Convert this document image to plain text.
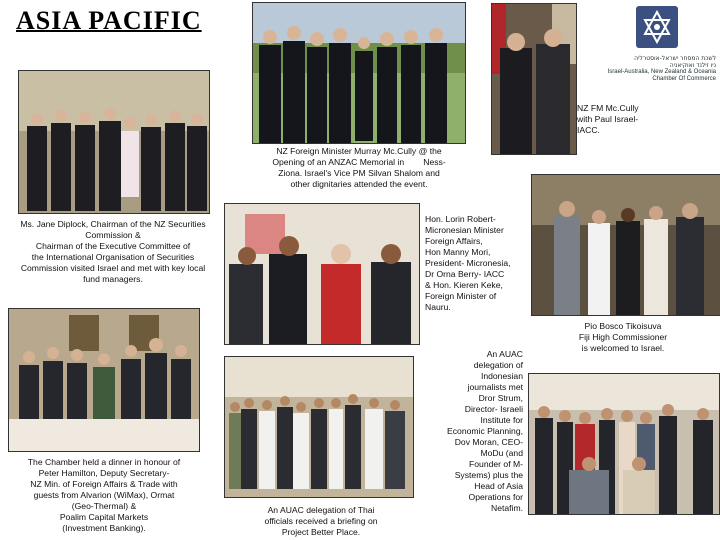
ASIA PACIFIC
לשכת המסחר ישראל-אוסטרליה
ניו זילנד ואוקיאניה
Israel-Australia, New Zealand & Oceania
Chamber Of Commerce
NZ FM Mc.Cully
with Paul Israel-
IACC.
NZ Foreign Minister Murray Mc.Cully @ the
Opening of an ANZAC Memorial in        Ness-
Ziona. Israel's Vice PM Silvan Shalom and
other dignitaries attended the event.
Ms. Jane Diplock, Chairman of the NZ Securities
Commission &
Chairman of the Executive Committee of
the International Organisation of Securities
Commission visited Israel and met with key local
fund managers.
Hon. Lorin Robert-
Micronesian Minister
Foreign Affairs,
Hon Manny Mori,
President- Micronesia,
Dr Orna Berry- IACC
& Hon. Kieren Keke,
Foreign Minister of
Nauru.
Pio Bosco Tikoisuva
Fiji High Commissioner
is welcomed to Israel.
The Chamber held a dinner in honour of
Peter Hamilton, Deputy Secretary-
NZ Min. of Foreign Affairs & Trade with
guests from Alvarion (WiMax), Ormat
(Geo-Thermal) &
Poalim Capital Markets
(Investment Banking).
An AUAC delegation of Thai
officials received a briefing on
Project Better Place.
An AUAC
delegation of
Indonesian
journalists met
Dror Strum,
Director- Israeli
Institute for
Economic Planning,
Dov Moran, CEO-
MoDu (and
Founder of M-
Systems) plus the
Head of Asia
Operations for
Netafim.
